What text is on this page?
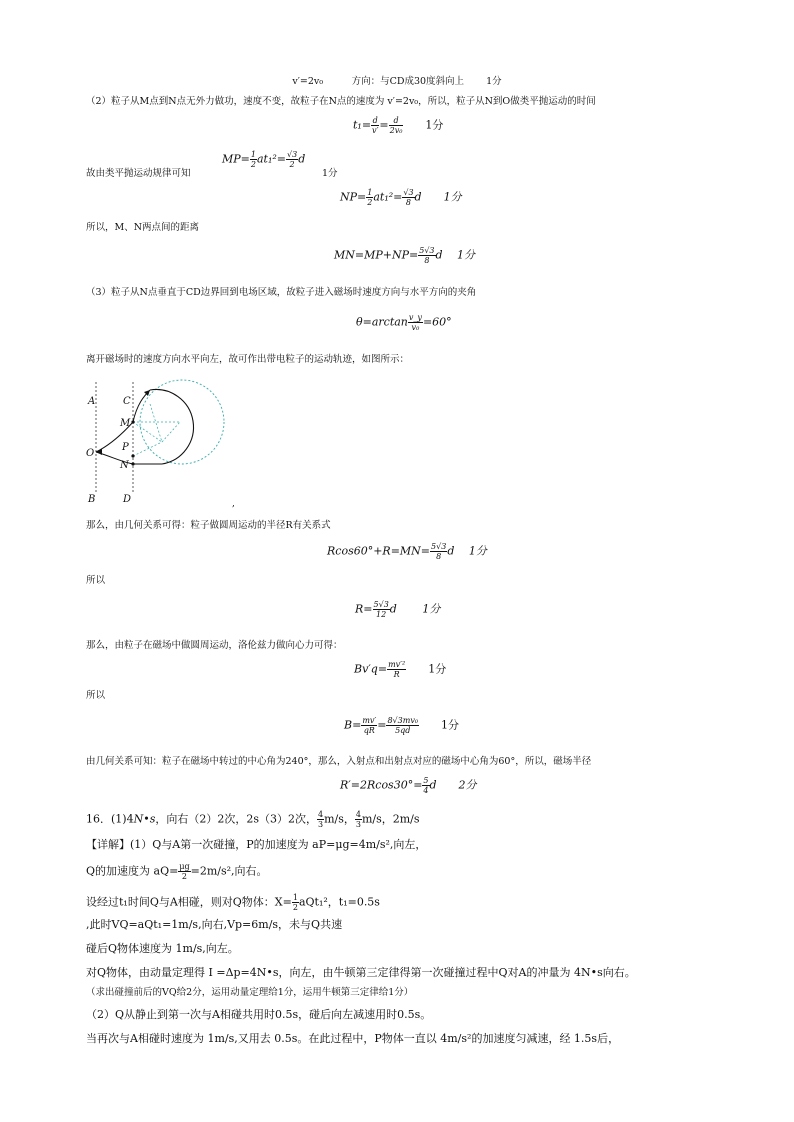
v′=2v₀　　　方向：与CD成30度斜向上　　 1分
（2）粒子从M点到N点无外力做功，速度不变，故粒子在N点的速度为 v′=2v₀，所以，粒子从N到O做类平抛运动的时间
$t_1= \frac{d}{v'} = \frac{d}{\text{2v₀}}$ 　　1分
$MP= \frac{1}{2} at_1^2= \frac{√3}{2}$ d
故由类平抛运动规律可知	1分
$NP= \frac{1}{2} at_1^2= \frac{√3}{8}$ d　　1分
所以，M、N两点间的距离
$MN=MP+NP= \frac{5√3}{8}$ d　 1分
（3）粒子从N点垂直于CD边界回到电场区域，故粒子进入磁场时速度方向与水平方向的夹角
$\theta=\arctan \frac{v\_y}{\text{v₀}} =60^\circ$
离开磁场时的速度方向水平向左，故可作出带电粒子的运动轨迹，如图所示：
A
B
C
D
M
O
P
N
,
那么，由几何关系可得：粒子做圆周运动的半径R有关系式
$Rcos60^\circ+R=MN= \frac{5√3}{8}$ d　 1分
所以
$R= \frac{5√3}{12}$ d　　 1分
那么，由粒子在磁场中做圆周运动，洛伦兹力做向心力可得：
$Bv'q= \frac{\text{mv′²}}{R}$ 　　1分
所以
$B= \frac{mv'}{qR} = \frac{\text{8√3mv₀}}{5qd}$ 　　1分
由几何关系可知：粒子在磁场中转过的中心角为240°，那么，入射点和出射点对应的磁场中心角为60°，所以，磁场半径
$R'=2Rcos30^\circ= \frac{5}{4}$ d　　2分
16．(1)4N•s，向右（2）2次，2s（3）2次， $\frac{4}{3} m/s$， $\frac{4}{3} m/s$，2m/s
【详解】(1）Q与A第一次碰撞，P的加速度为 aP=μg=4m/s²,向左，
Q的加速度为 $aQ= \frac{\mu g}{2} =2m/s^2$,向右。
设经过t₁时间Q与A相碰，则对Q物体：$X= \frac{1}{2} aQt_1^2$，t₁=0.5s
,此时VQ=aQt₁=1m/s,向右,Vp=6m/s，未与Q共速
碰后Q物体速度为 1m/s,向左。
对Q物体，由动量定理得 I =Δp=4N•s，向左，由牛顿第三定律得第一次碰撞过程中Q对A的冲量为 4N•s向右。
（求出碰撞前后的VQ给2分，运用动量定理给1分，运用牛顿第三定律给1分）
（2）Q从静止到第一次与A相碰共用时0.5s，碰后向左减速用时0.5s。
当再次与A相碰时速度为 1m/s,又用去 0.5s。在此过程中，P物体一直以 4m/s²的加速度匀减速，经 1.5s后，
